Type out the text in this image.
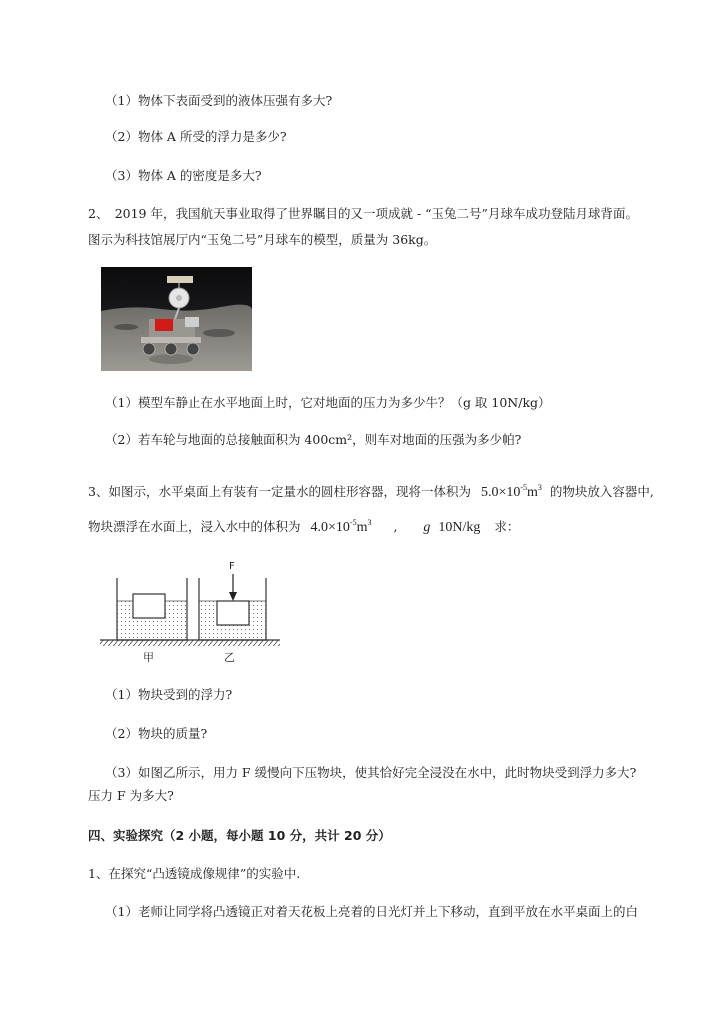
（1）物体下表面受到的液体压强有多大?
（2）物体 A 所受的浮力是多少?
（3）物体 A 的密度是多大?
2、　2019 年，我国航天事业取得了世界瞩目的又一项成就 - “玉兔二号”月球车成功登陆月球背面。
图示为科技馆展厅内“玉兔二号”月球车的模型，质量为 36kg。
（1）模型车静止在水平地面上时，它对地面的压力为多少牛？（g 取 10N/kg）
（2）若车轮与地面的总接触面积为 400cm²，则车对地面的压强为多少帕?
3、如图示，水平桌面上有装有一定量水的圆柱形容器，现将一体积为 $5.0\times 10^{-5}m^3$ 的物块放入容器中,
物块漂浮在水面上，浸入水中的体积为 $4.0\times 10^{-5}m^3$ , g 10N/kg 求：
F
甲	乙
（1）物块受到的浮力?
（2）物块的质量?
（3）如图乙所示，用力 F 缓慢向下压物块，使其恰好完全浸没在水中，此时物块受到浮力多大?
压力 F 为多大?
四、实验探究（2 小题，每小题 10 分，共计 20 分）
1、在探究“凸透镜成像规律”的实验中.
（1）老师让同学将凸透镜正对着天花板上亮着的日光灯并上下移动，直到平放在水平桌面上的白
